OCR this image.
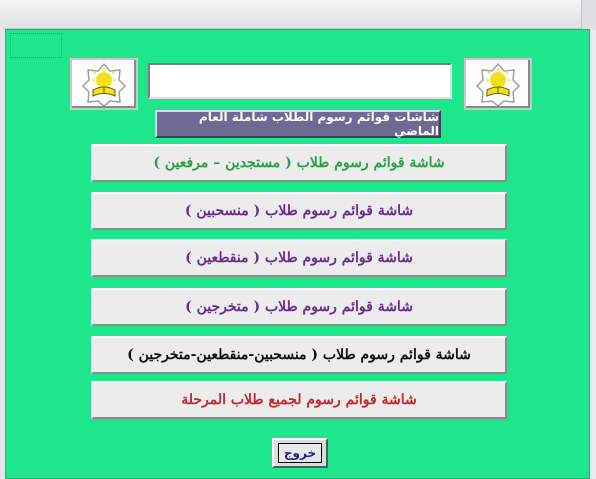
شاشات قوائم رسوم الطلاب شاملة العام الماضي
شاشة قوائم رسوم طلاب ( مستجدين – مرفعين )
شاشة قوائم رسوم طلاب ( منسحبين )
شاشة قوائم رسوم طلاب ( منقطعين )
شاشة قوائم رسوم طلاب ( متخرجين )
شاشة قوائم رسوم طلاب ( منسحبين-منقطعين-متخرجين )
شاشة قوائم رسوم لجميع طلاب المرحلة
خروج
